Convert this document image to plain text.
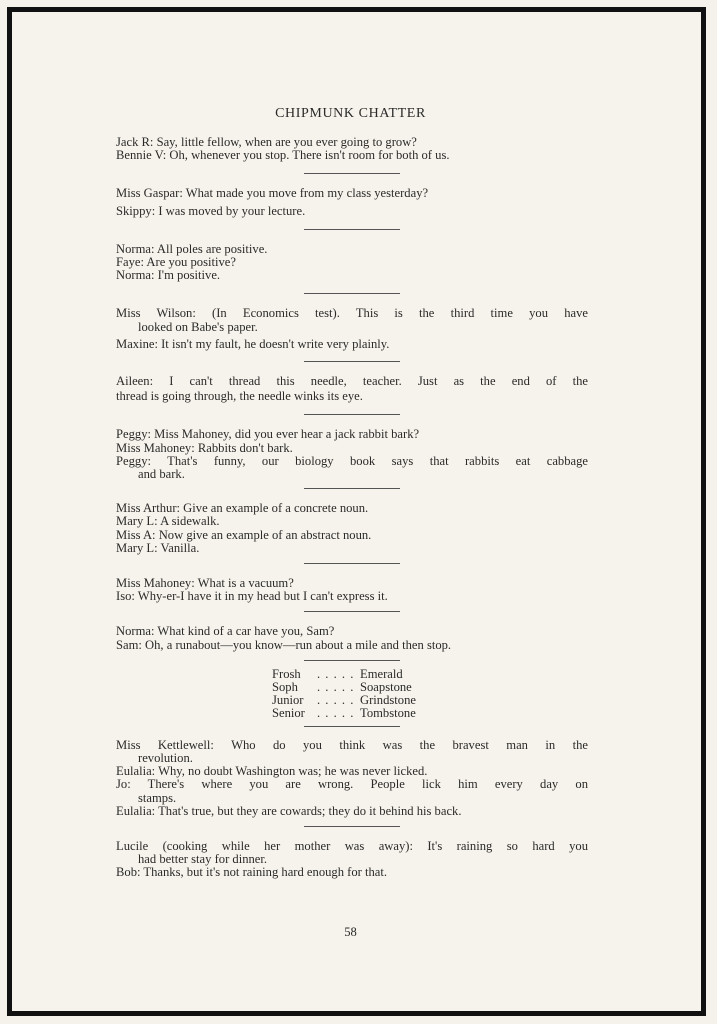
CHIPMUNK CHATTER
Jack R: Say, little fellow, when are you ever going to grow?
Bennie V: Oh, whenever you stop. There isn't room for both of us.
Miss Gaspar: What made you move from my class yesterday?
Skippy: I was moved by your lecture.
Norma: All poles are positive.
Faye: Are you positive?
Norma: I'm positive.
Miss Wilson: (In Economics test). This is the third time you have
looked on Babe's paper.
Maxine: It isn't my fault, he doesn't write very plainly.
Aileen: I can't thread this needle, teacher. Just as the end of the
thread is going through, the needle winks its eye.
Peggy: Miss Mahoney, did you ever hear a jack rabbit bark?
Miss Mahoney: Rabbits don't bark.
Peggy: That's funny, our biology book says that rabbits eat cabbage
and bark.
Miss Arthur: Give an example of a concrete noun.
Mary L: A sidewalk.
Miss A: Now give an example of an abstract noun.
Mary L: Vanilla.
Miss Mahoney: What is a vacuum?
Iso: Why-er-I have it in my head but I can't express it.
Norma: What kind of a car have you, Sam?
Sam: Oh, a runabout—you know—run about a mile and then stop.
Frosh	. . . . . Emerald
Soph	. . . . . Soapstone
Junior	. . . . . Grindstone
Senior . . . . . Tombstone
Miss Kettlewell: Who do you think was the bravest man in the
revolution.
Eulalia: Why, no doubt Washington was; he was never licked.
Jo: There's where you are wrong. People lick him every day on
stamps.
Eulalia: That's true, but they are cowards; they do it behind his back.
Lucile (cooking while her mother was away): It's raining so hard you
had better stay for dinner.
Bob: Thanks, but it's not raining hard enough for that.
58
